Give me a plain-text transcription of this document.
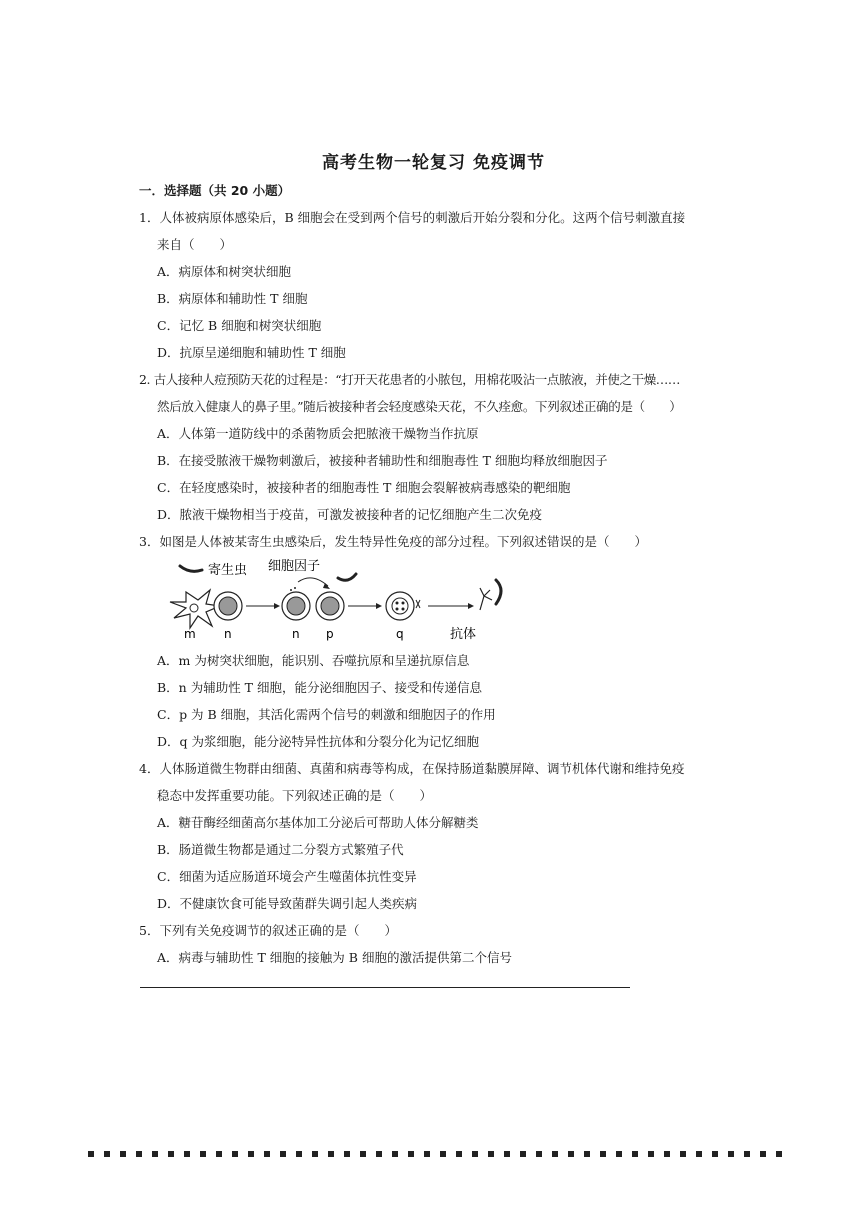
高考生物一轮复习 免疫调节
一．选择题（共 20 小题）
1．人体被病原体感染后，B 细胞会在受到两个信号的刺激后开始分裂和分化。这两个信号刺激直接
来自（　　）
A．病原体和树突状细胞
B．病原体和辅助性 T 细胞
C．记忆 B 细胞和树突状细胞
D．抗原呈递细胞和辅助性 T 细胞
2. 古人接种人痘预防天花的过程是：“打开天花患者的小脓包，用棉花吸沾一点脓液，并使之干燥……
然后放入健康人的鼻子里。”随后被接种者会轻度感染天花，不久痊愈。下列叙述正确的是（　　）
A．人体第一道防线中的杀菌物质会把脓液干燥物当作抗原
B．在接受脓液干燥物刺激后，被接种者辅助性和细胞毒性 T 细胞均释放细胞因子
C．在轻度感染时，被接种者的细胞毒性 T 细胞会裂解被病毒感染的靶细胞
D．脓液干燥物相当于疫苗，可激发被接种者的记忆细胞产生二次免疫
3．如图是人体被某寄生虫感染后，发生特异性免疫的部分过程。下列叙述错误的是（　　）
寄生虫 细胞因子
抗体
m n	n p	q
A．m 为树突状细胞，能识别、吞噬抗原和呈递抗原信息
B．n 为辅助性 T 细胞，能分泌细胞因子、接受和传递信息
C．p 为 B 细胞，其活化需两个信号的刺激和细胞因子的作用
D．q 为浆细胞，能分泌特异性抗体和分裂分化为记忆细胞
4．人体肠道微生物群由细菌、真菌和病毒等构成，在保持肠道黏膜屏障、调节机体代谢和维持免疫
稳态中发挥重要功能。下列叙述正确的是（　　）
A．糖苷酶经细菌高尔基体加工分泌后可帮助人体分解糖类
B．肠道微生物都是通过二分裂方式繁殖子代
C．细菌为适应肠道环境会产生噬菌体抗性变异
D．不健康饮食可能导致菌群失调引起人类疾病
5．下列有关免疫调节的叙述正确的是（　　）
A．病毒与辅助性 T 细胞的接触为 B 细胞的激活提供第二个信号
